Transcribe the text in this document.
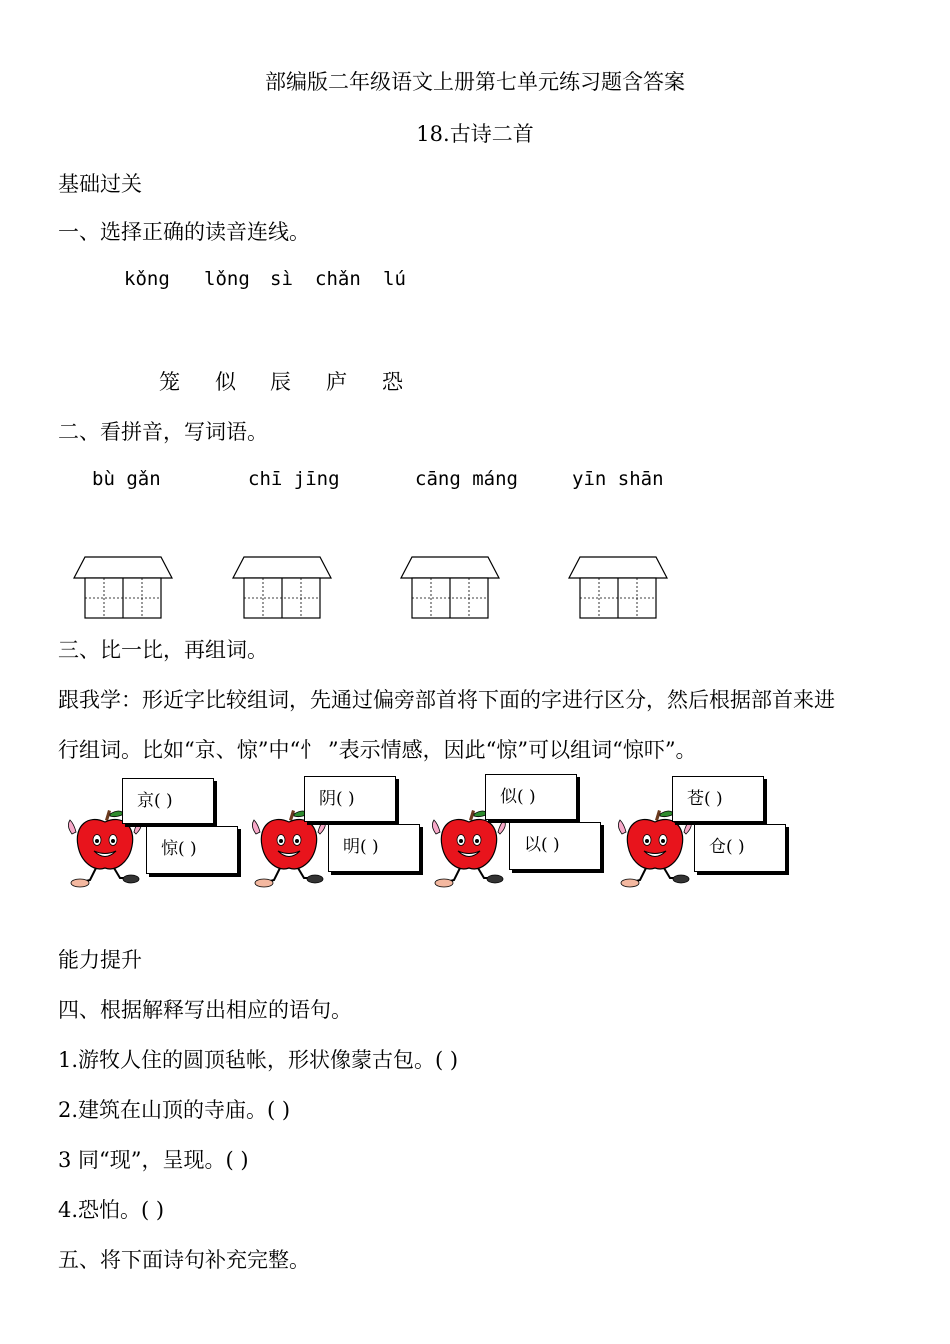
部编版二年级语文上册第七单元练习题含答案
18.古诗二首
基础过关
一、选择正确的读音连线。
kǒng lǒng sì chǎn lú
笼 似 辰 庐 恐
二、看拼音，写词语。
bù gǎn	chī jīng	cāng máng	yīn shān
三、比一比，再组词。
跟我学：形近字比较组词，先通过偏旁部首将下面的字进行区分，然后根据部首来进
行组词。比如“京、惊”中“忄 ”表示情感，因此“惊”可以组词“惊吓”。
京( )
惊( )
阴( )
明( )
似( )
以( )
苍( )
仓( )
能力提升
四、根据解释写出相应的语句。
1.游牧人住的圆顶毡帐，形状像蒙古包。( )
2.建筑在山顶的寺庙。( )
3 同“现”，呈现。( )
4.恐怕。( )
五、将下面诗句补充完整。
